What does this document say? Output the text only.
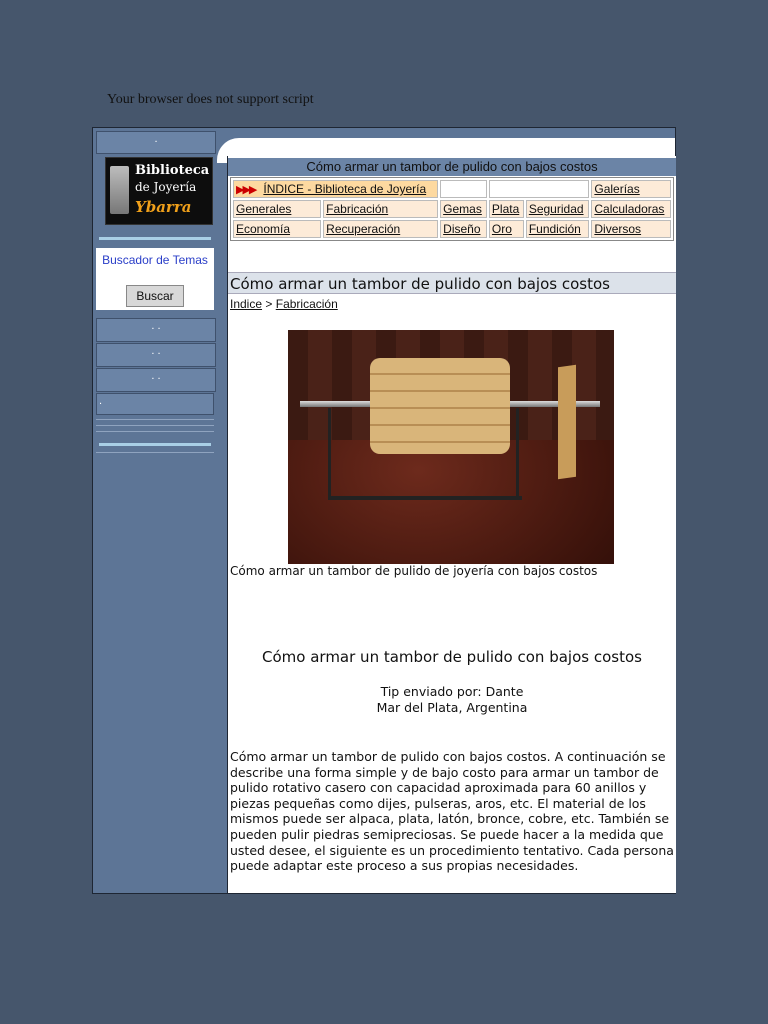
Your browser does not support script
.
Biblioteca
de Joyería
Ybarra
Buscador de Temas
Buscar
. .
. .
. .
.
Cómo armar un tambor de pulido con bajos costos
▶▶▶ ÍNDICE - Biblioteca de Joyería					Galerías
Generales	Fabricación	Gemas	Plata	Seguridad	Calculadoras
Economía	Recuperación	Diseño	Oro	Fundición	Diversos
Cómo armar un tambor de pulido con bajos costos
Indice > Fabricación
Cómo armar un tambor de pulido de joyería con bajos costos
Cómo armar un tambor de pulido con bajos costos
Tip enviado por: Dante
Mar del Plata, Argentina
Cómo armar un tambor de pulido con bajos costos. A continuación se describe una forma simple y de bajo costo para armar un tambor de pulido rotativo casero con capacidad aproximada para 60 anillos y piezas pequeñas como dijes, pulseras, aros, etc. El material de los mismos puede ser alpaca, plata, latón, bronce, cobre, etc. También se pueden pulir piedras semipreciosas. Se puede hacer a la medida que usted desee, el siguiente es un procedimiento tentativo. Cada persona puede adaptar este proceso a sus propias necesidades.
